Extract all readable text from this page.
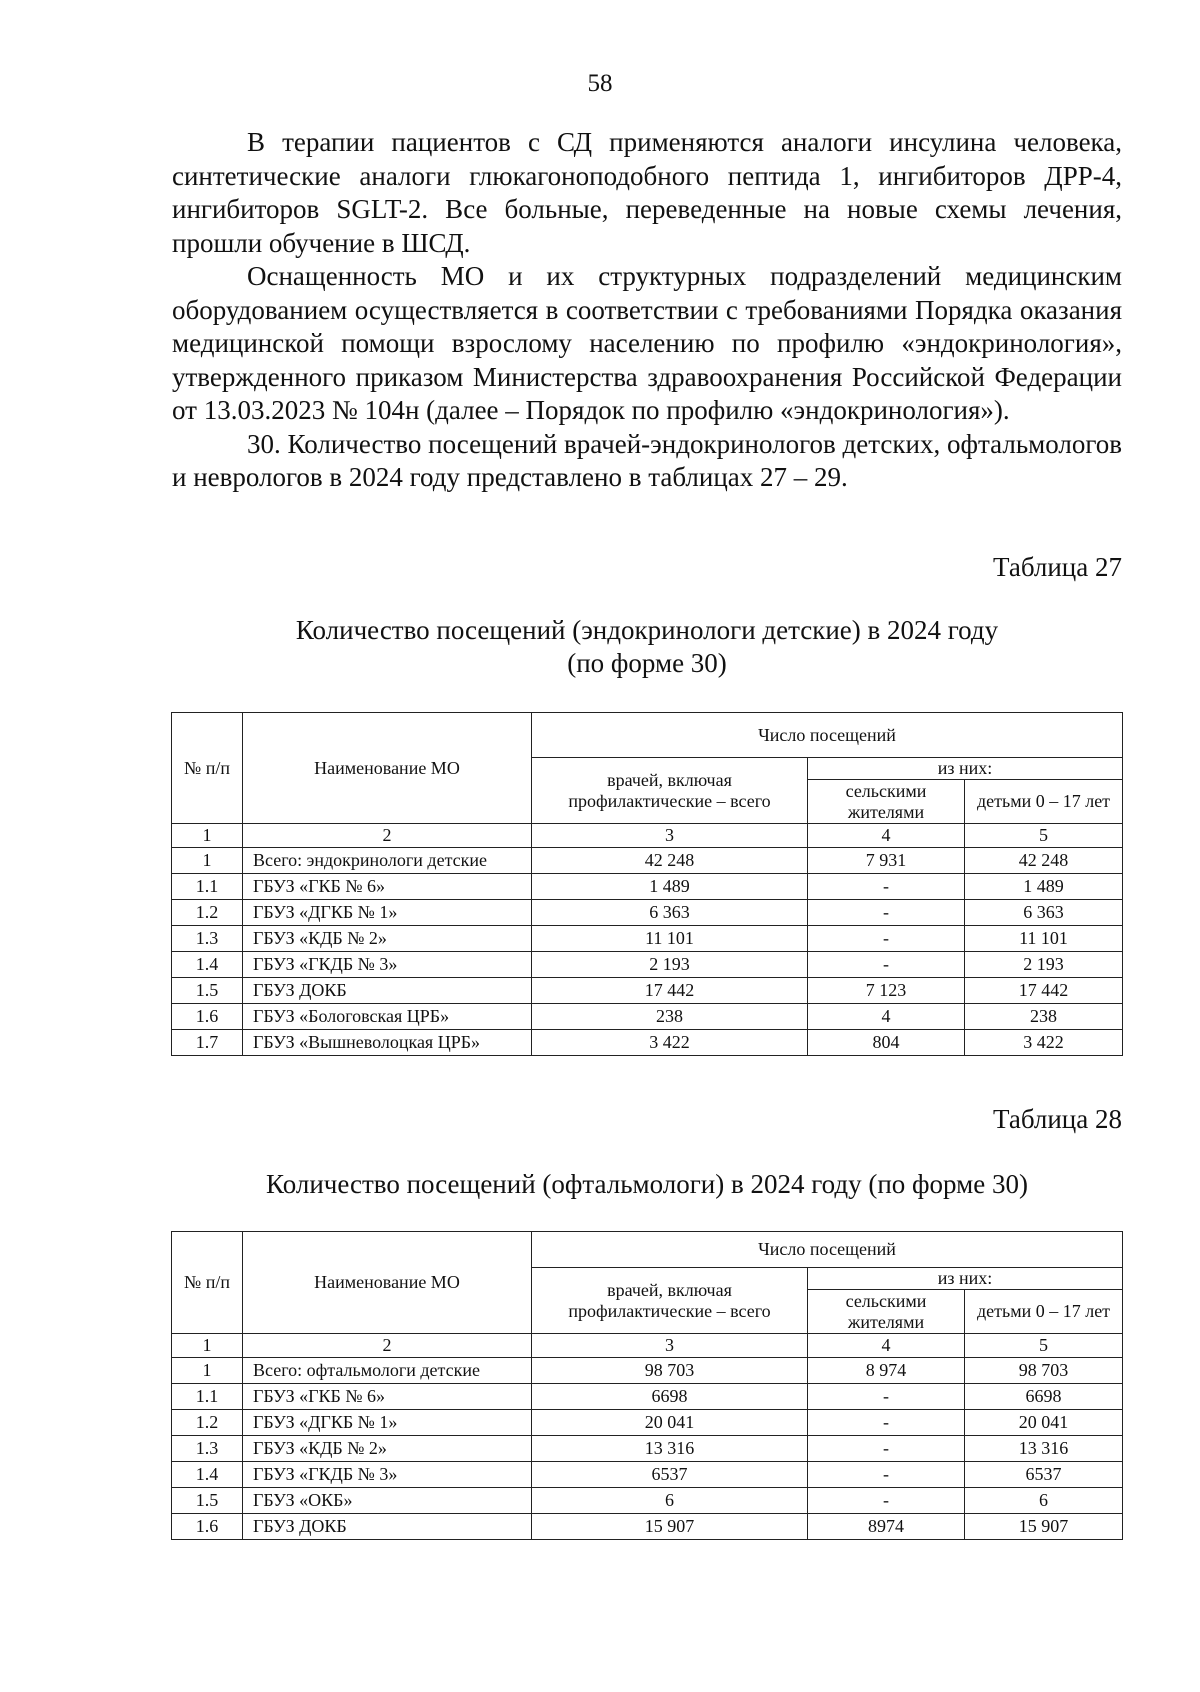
58

В терапии пациентов с СД применяются аналоги инсулина человека, синтетические аналоги глюкагоноподобного пептида 1, ингибиторов ДРР-4, ингибиторов SGLT-2. Все больные, переведенные на новые схемы лечения, прошли обучение в ШСД.

Оснащенность МО и их структурных подразделений медицинским оборудованием осуществляется в соответствии с требованиями Порядка оказания медицинской помощи взрослому населению по профилю «эндокринология», утвержденного приказом Министерства здравоохранения Российской Федерации от 13.03.2023 № 104н (далее – Порядок по профилю «эндокринология»).

30. Количество посещений врачей-эндокринологов детских, офтальмологов и неврологов в 2024 году представлено в таблицах 27 – 29.

Таблица 27
Количество посещений (эндокринологи детские) в 2024 году
(по форме 30)
№ п/п	Наименование МО	Число посещений		
		врачей, включая профилактические – всего	из них:	
			сельскими жителями	детьми 0 – 17 лет
1	2	3	4	5
1	Всего: эндокринологи детские	42 248	7 931	42 248
1.1	ГБУЗ «ГКБ № 6»	1 489	-	1 489
1.2	ГБУЗ «ДГКБ № 1»	6 363	-	6 363
1.3	ГБУЗ «КДБ № 2»	11 101	-	11 101
1.4	ГБУЗ «ГКДБ № 3»	2 193	-	2 193
1.5	ГБУЗ ДОКБ	17 442	7 123	17 442
1.6	ГБУЗ «Бологовская ЦРБ»	238	4	238
1.7	ГБУЗ «Вышневолоцкая ЦРБ»	3 422	804	3 422
Таблица 28
Количество посещений (офтальмологи) в 2024 году (по форме 30)
№ п/п	Наименование МО	Число посещений		
		врачей, включая профилактические – всего	из них:	
			сельскими жителями	детьми 0 – 17 лет
1	2	3	4	5
1	Всего: офтальмологи детские	98 703	8 974	98 703
1.1	ГБУЗ «ГКБ № 6»	6698	-	6698
1.2	ГБУЗ «ДГКБ № 1»	20 041	-	20 041
1.3	ГБУЗ «КДБ № 2»	13 316	-	13 316
1.4	ГБУЗ «ГКДБ № 3»	6537	-	6537
1.5	ГБУЗ «ОКБ»	6	-	6
1.6	ГБУЗ ДОКБ	15 907	8974	15 907
